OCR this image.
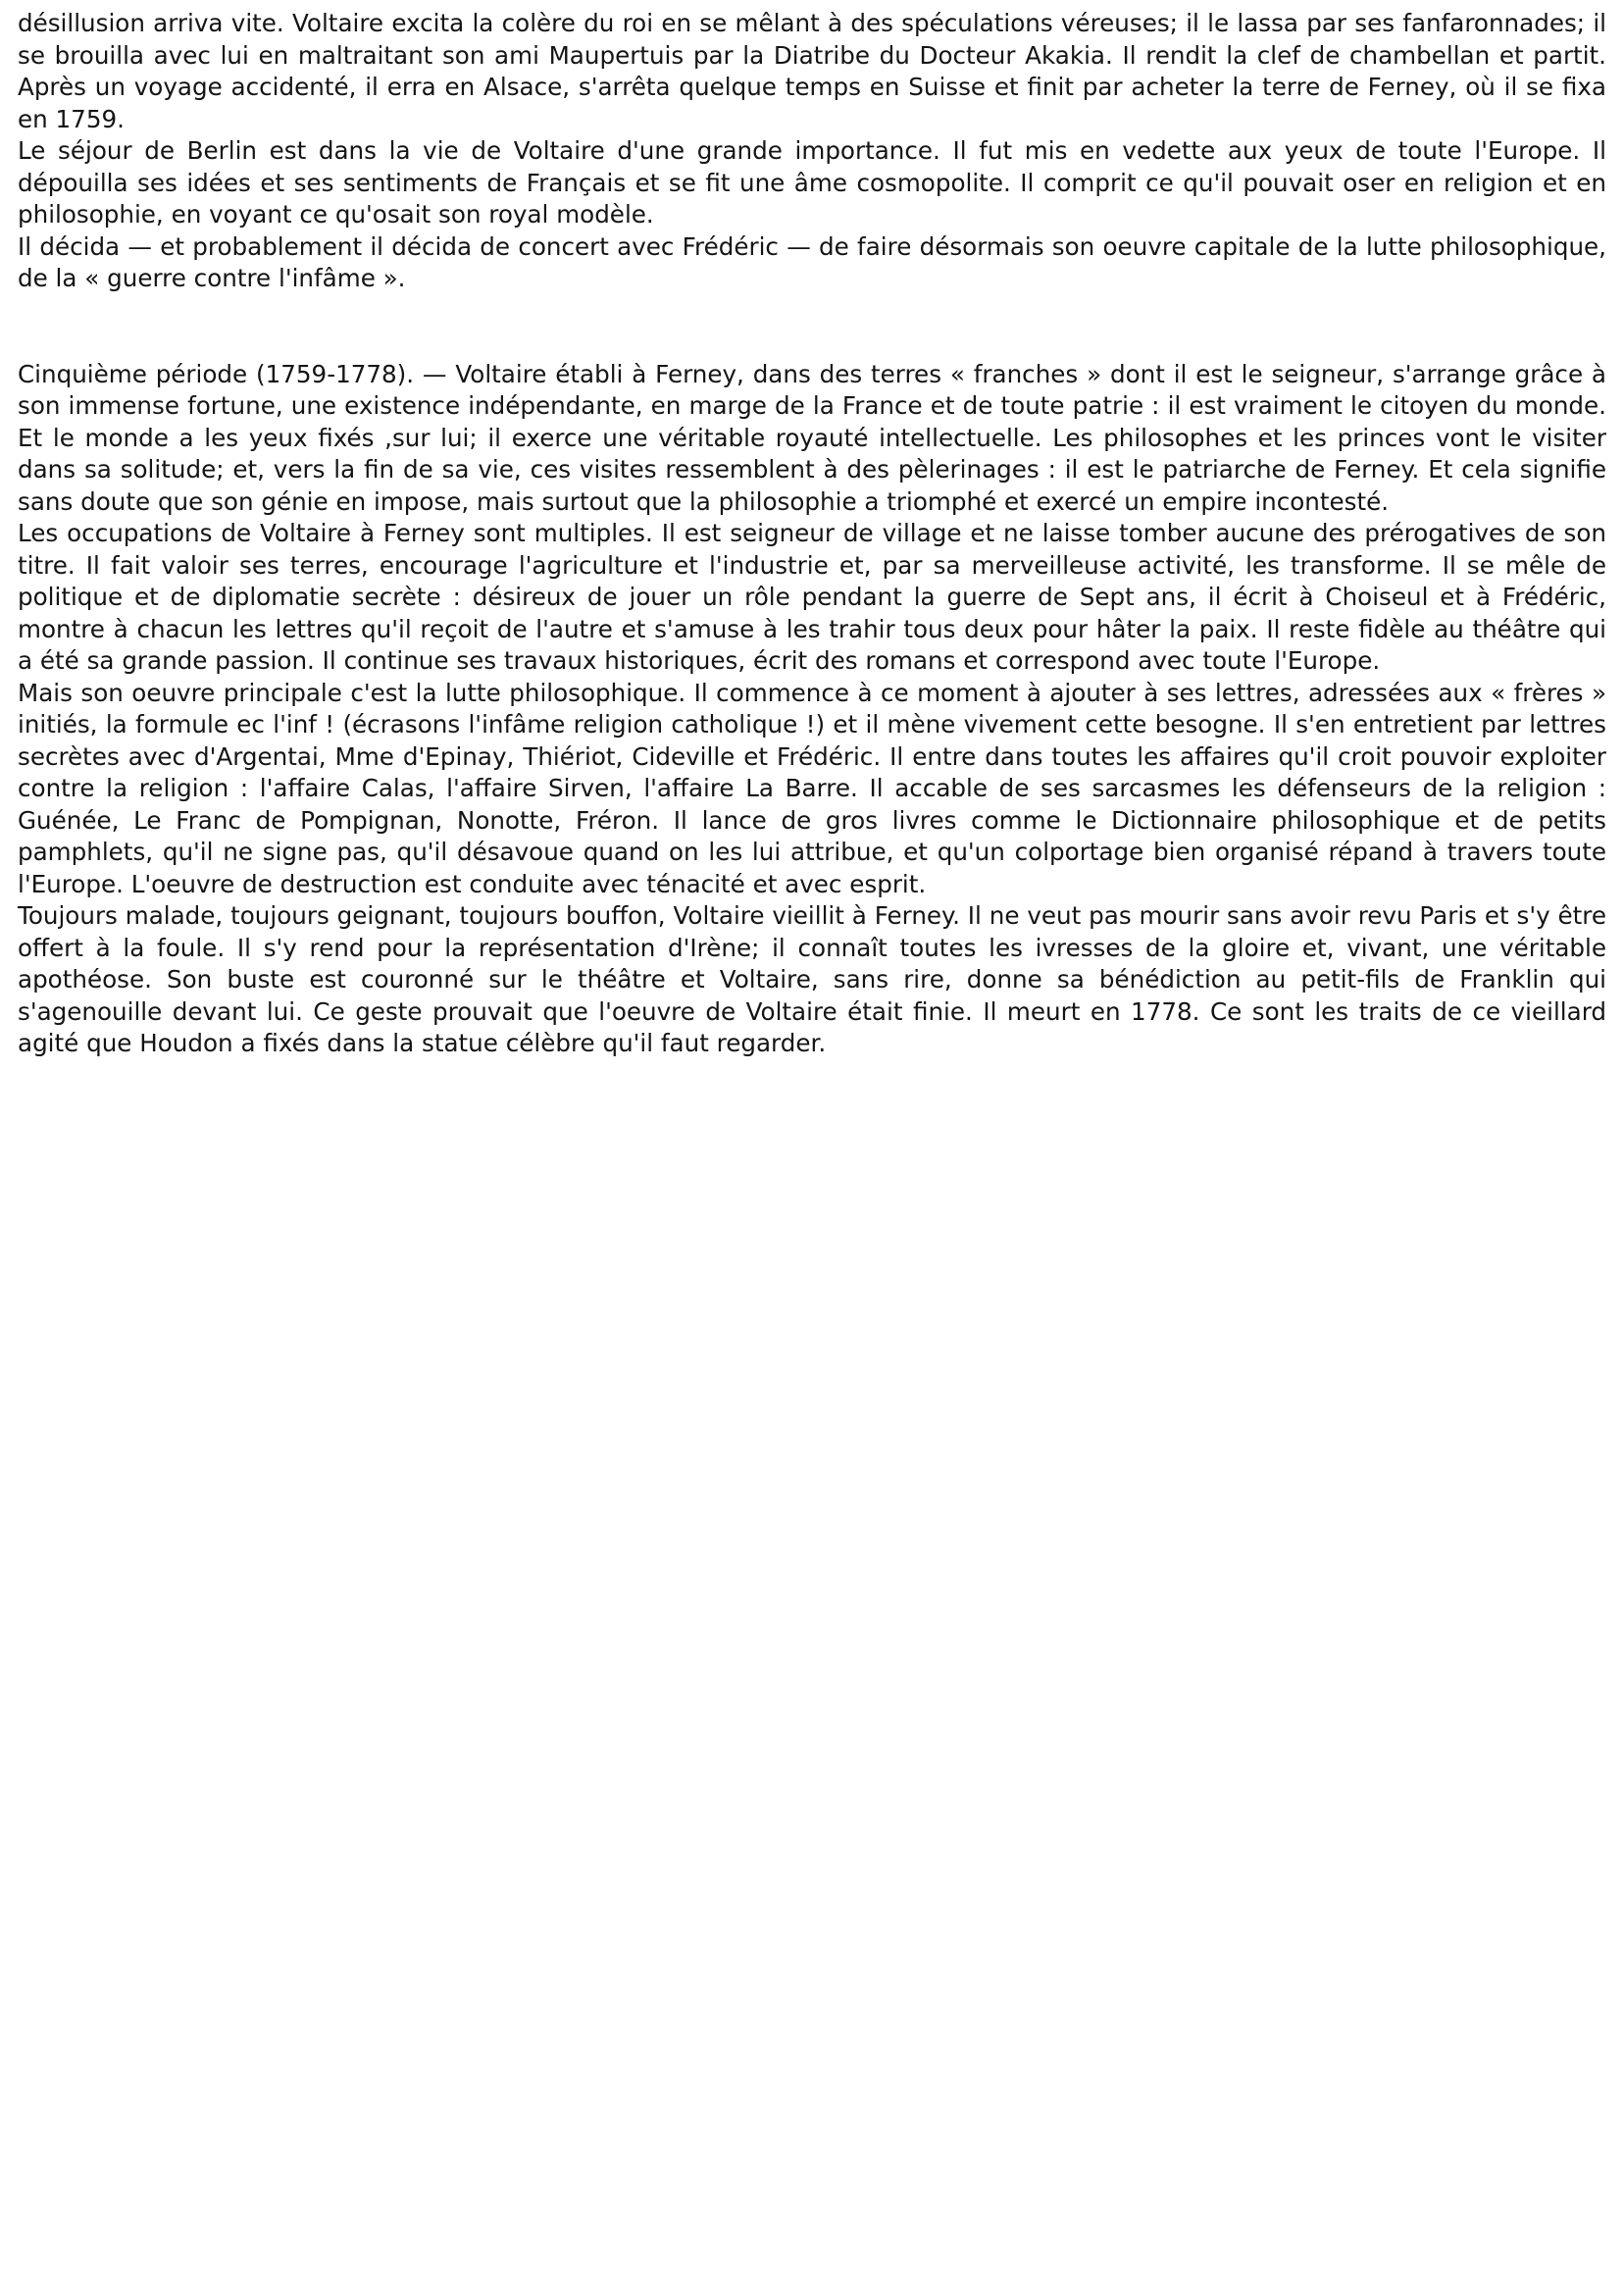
désillusion arriva vite. Voltaire excita la colère du roi en se mêlant à des spéculations véreuses; il le lassa par ses fanfaronnades; il se brouilla avec lui en maltraitant son ami Maupertuis par la Diatribe du Docteur Akakia. Il rendit la clef de chambellan et partit. Après un voyage accidenté, il erra en Alsace, s'arrêta quelque temps en Suisse et finit par acheter la terre de Ferney, où il se fixa en 1759.

Le séjour de Berlin est dans la vie de Voltaire d'une grande importance. Il fut mis en vedette aux yeux de toute l'Europe. Il dépouilla ses idées et ses sentiments de Français et se fit une âme cosmopolite. Il comprit ce qu'il pouvait oser en religion et en philosophie, en voyant ce qu'osait son royal modèle.

Il décida — et probablement il décida de concert avec Frédéric — de faire désormais son oeuvre capitale de la lutte philosophique, de la « guerre contre l'infâme ».

Cinquième période (1759-1778). — Voltaire établi à Ferney, dans des terres « franches » dont il est le seigneur, s'arrange grâce à son immense fortune, une existence indépendante, en marge de la France et de toute patrie : il est vraiment le citoyen du monde. Et le monde a les yeux fixés ,sur lui; il exerce une véritable royauté intellectuelle. Les philosophes et les princes vont le visiter dans sa solitude; et, vers la fin de sa vie, ces visites ressemblent à des pèlerinages : il est le patriarche de Ferney. Et cela signifie sans doute que son génie en impose, mais surtout que la philosophie a triomphé et exercé un empire incontesté.

Les occupations de Voltaire à Ferney sont multiples. Il est seigneur de village et ne laisse tomber aucune des prérogatives de son titre. Il fait valoir ses terres, encourage l'agriculture et l'industrie et, par sa merveilleuse activité, les transforme. Il se mêle de politique et de diplomatie secrète : désireux de jouer un rôle pendant la guerre de Sept ans, il écrit à Choiseul et à Frédéric, montre à chacun les lettres qu'il reçoit de l'autre et s'amuse à les trahir tous deux pour hâter la paix. Il reste fidèle au théâtre qui a été sa grande passion. Il continue ses travaux historiques, écrit des romans et correspond avec toute l'Europe.

Mais son oeuvre principale c'est la lutte philosophique. Il commence à ce moment à ajouter à ses lettres, adressées aux « frères » initiés, la formule ec l'inf ! (écrasons l'infâme religion catholique !) et il mène vivement cette besogne. Il s'en entretient par lettres secrètes avec d'Argentai, Mme d'Epinay, Thiériot, Cideville et Frédéric. Il entre dans toutes les affaires qu'il croit pouvoir exploiter contre la religion : l'affaire Calas, l'affaire Sirven, l'affaire La Barre. Il accable de ses sarcasmes les défenseurs de la religion : Guénée, Le Franc de Pompignan, Nonotte, Fréron. Il lance de gros livres comme le Dictionnaire philosophique et de petits pamphlets, qu'il ne signe pas, qu'il désavoue quand on les lui attribue, et qu'un colportage bien organisé répand à travers toute l'Europe. L'oeuvre de destruction est conduite avec ténacité et avec esprit.

Toujours malade, toujours geignant, toujours bouffon, Voltaire vieillit à Ferney. Il ne veut pas mourir sans avoir revu Paris et s'y être offert à la foule. Il s'y rend pour la représentation d'Irène; il connaît toutes les ivresses de la gloire et, vivant, une véritable apothéose. Son buste est couronné sur le théâtre et Voltaire, sans rire, donne sa bénédiction au petit-fils de Franklin qui s'agenouille devant lui. Ce geste prouvait que l'oeuvre de Voltaire était finie. Il meurt en 1778. Ce sont les traits de ce vieillard agité que Houdon a fixés dans la statue célèbre qu'il faut regarder.
